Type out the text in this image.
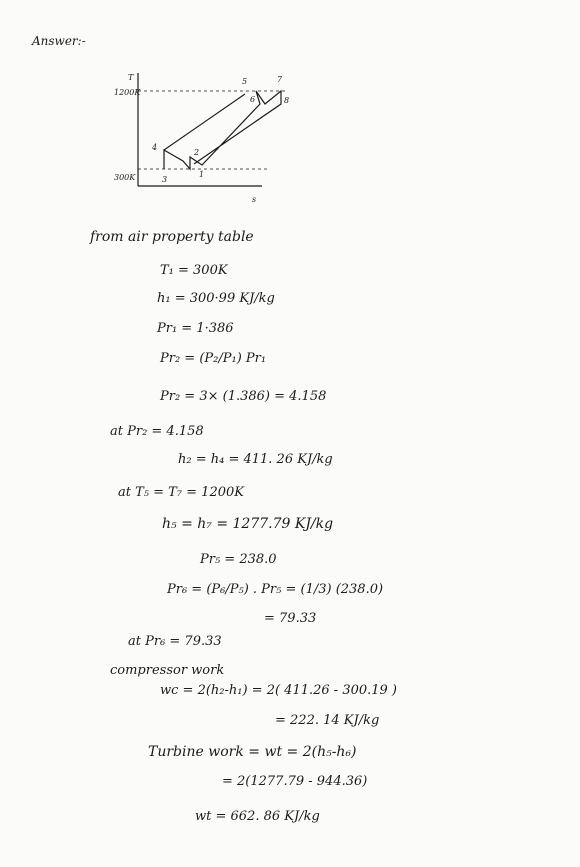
Answer:-
T
s
1200K
300K	1
2
3
4
5
6
7
8
from air property table
T₁ = 300K
h₁ = 300·99 KJ/kg
Pr₁ = 1·386
Pr₂ = (P₂/P₁) Pr₁
Pr₂ = 3× (1.386) = 4.158
at Pr₂ = 4.158
h₂ = h₄ = 411. 26 KJ/kg
at T₅ = T₇ = 1200K
h₅ = h₇ = 1277.79 KJ/kg
Pr₅ = 238.0
Pr₆ = (P₆/P₅) . Pr₅ = (1/3) (238.0)
= 79.33
at Pr₆ = 79.33
compressor work
wc = 2(h₂-h₁) = 2( 411.26 - 300.19 )
= 222. 14 KJ/kg
Turbine work = wt = 2(h₅-h₆)
= 2(1277.79 - 944.36)
wt = 662. 86 KJ/kg
